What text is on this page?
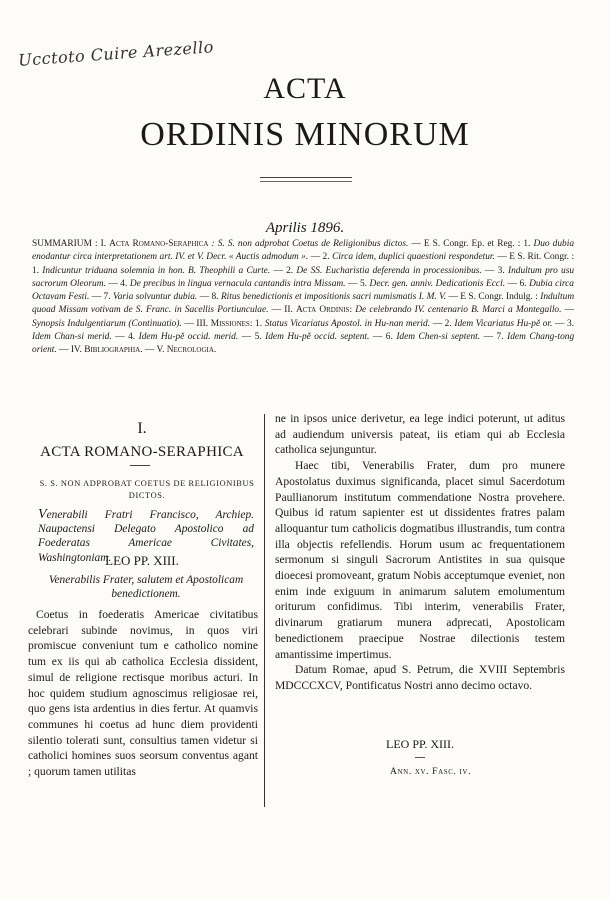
Ucctoto Cuire Arezello
ACTA
ORDINIS MINORUM
Aprilis 1896.

SUMMARIUM : I. Acta Romano-Seraphica : S. S. non adprobat Coetus de Religionibus dictos. — E S. Congr. Ep. et Reg. : 1. Duo dubia enodantur circa interpretationem art. IV. et V. Decr. « Auctis admodum ». — 2. Circa idem, duplici quaestioni respondetur. — E S. Rit. Congr. : 1. Indicuntur triduana solemnia in hon. B. Theophili a Curte. — 2. De SS. Eucharistia deferenda in processionibus. — 3. Indultum pro usu sacrorum Oleorum. — 4. De precibus in lingua vernacula cantandis intra Missam. — 5. Decr. gen. anniv. Dedicationis Eccl. — 6. Dubia circa Octavam Festi. — 7. Varia solvuntur dubia. — 8. Ritus benedictionis et impositionis sacri numismatis I. M. V. — E S. Congr. Indulg. : Indultum quoad Missam votivam de S. Franc. in Sacellis Portiunculae. — II. Acta Ordinis: De celebrando IV. centenario B. Marci a Montegallo. — Synopsis Indulgentiarum (Continuatio). — III. Missiones: 1. Status Vicariatus Apostol. in Hu-nan merid. — 2. Idem Vicariatus Hu-pě or. — 3. Idem Chan-si merid. — 4. Idem Hu-pě occid. merid. — 5. Idem Hu-pě occid. septent. — 6. Idem Chen-si septent. — 7. Idem Chang-tong orient. — IV. Bibliographia. — V. Necrologia.

I.
ACTA ROMANO-SERAPHICA
S. S. NON ADPROBAT COETUS DE RELIGIONIBUS
DICTOS.

Venerabili Fratri Francisco, Archiep. Naupactensi Delegato Apostolico ad Foederatas Americae Civitates, Washingtoniam.

LEO PP. XIII.

Venerabilis Frater, salutem et Apostolicam benedictionem.

Coetus in foederatis Americae civitatibus celebrari subinde novimus, in quos viri promiscue conveniunt tum e catholico nomine tum ex iis qui ab catholica Ecclesia dissident, simul de religione rectisque moribus acturi. In hoc quidem studium agnoscimus religiosae rei, quo gens ista ardentius in dies fertur. At quamvis communes hi coetus ad hunc diem providenti silentio tolerati sunt, consultius tamen videtur si catholici homines suos seorsum conventus agant ; quorum tamen utilitas

ne in ipsos unice derivetur, ea lege indici poterunt, ut aditus ad audiendum universis pateat, iis etiam qui ab Ecclesia catholica sejunguntur.

Haec tibi, Venerabilis Frater, dum pro munere Apostolatus duximus significanda, placet simul Sacerdotum Paullianorum institutum commendatione Nostra provehere. Quibus id ratum sapienter est ut dissidentes fratres palam alloquantur tum catholicis dogmatibus illustrandis, tum contra illa objectis refellendis. Horum usum ac frequentationem sermonum si singuli Sacrorum Antistites in sua quisque dioecesi promoveant, gratum Nobis acceptumque eveniet, non enim inde exiguum in animarum salutem emolumentum oriturum confidimus. Tibi interim, venerabilis Frater, divinarum gratiarum munera adprecati, Apostolicam benedictionem praecipue Nostrae dilectionis testem amantissime impertimus.

Datum Romae, apud S. Petrum, die XVIII Septembris MDCCCXCV, Pontificatus Nostri anno decimo octavo.

LEO PP. XIII.
Ann. xv. Fasc. iv.
